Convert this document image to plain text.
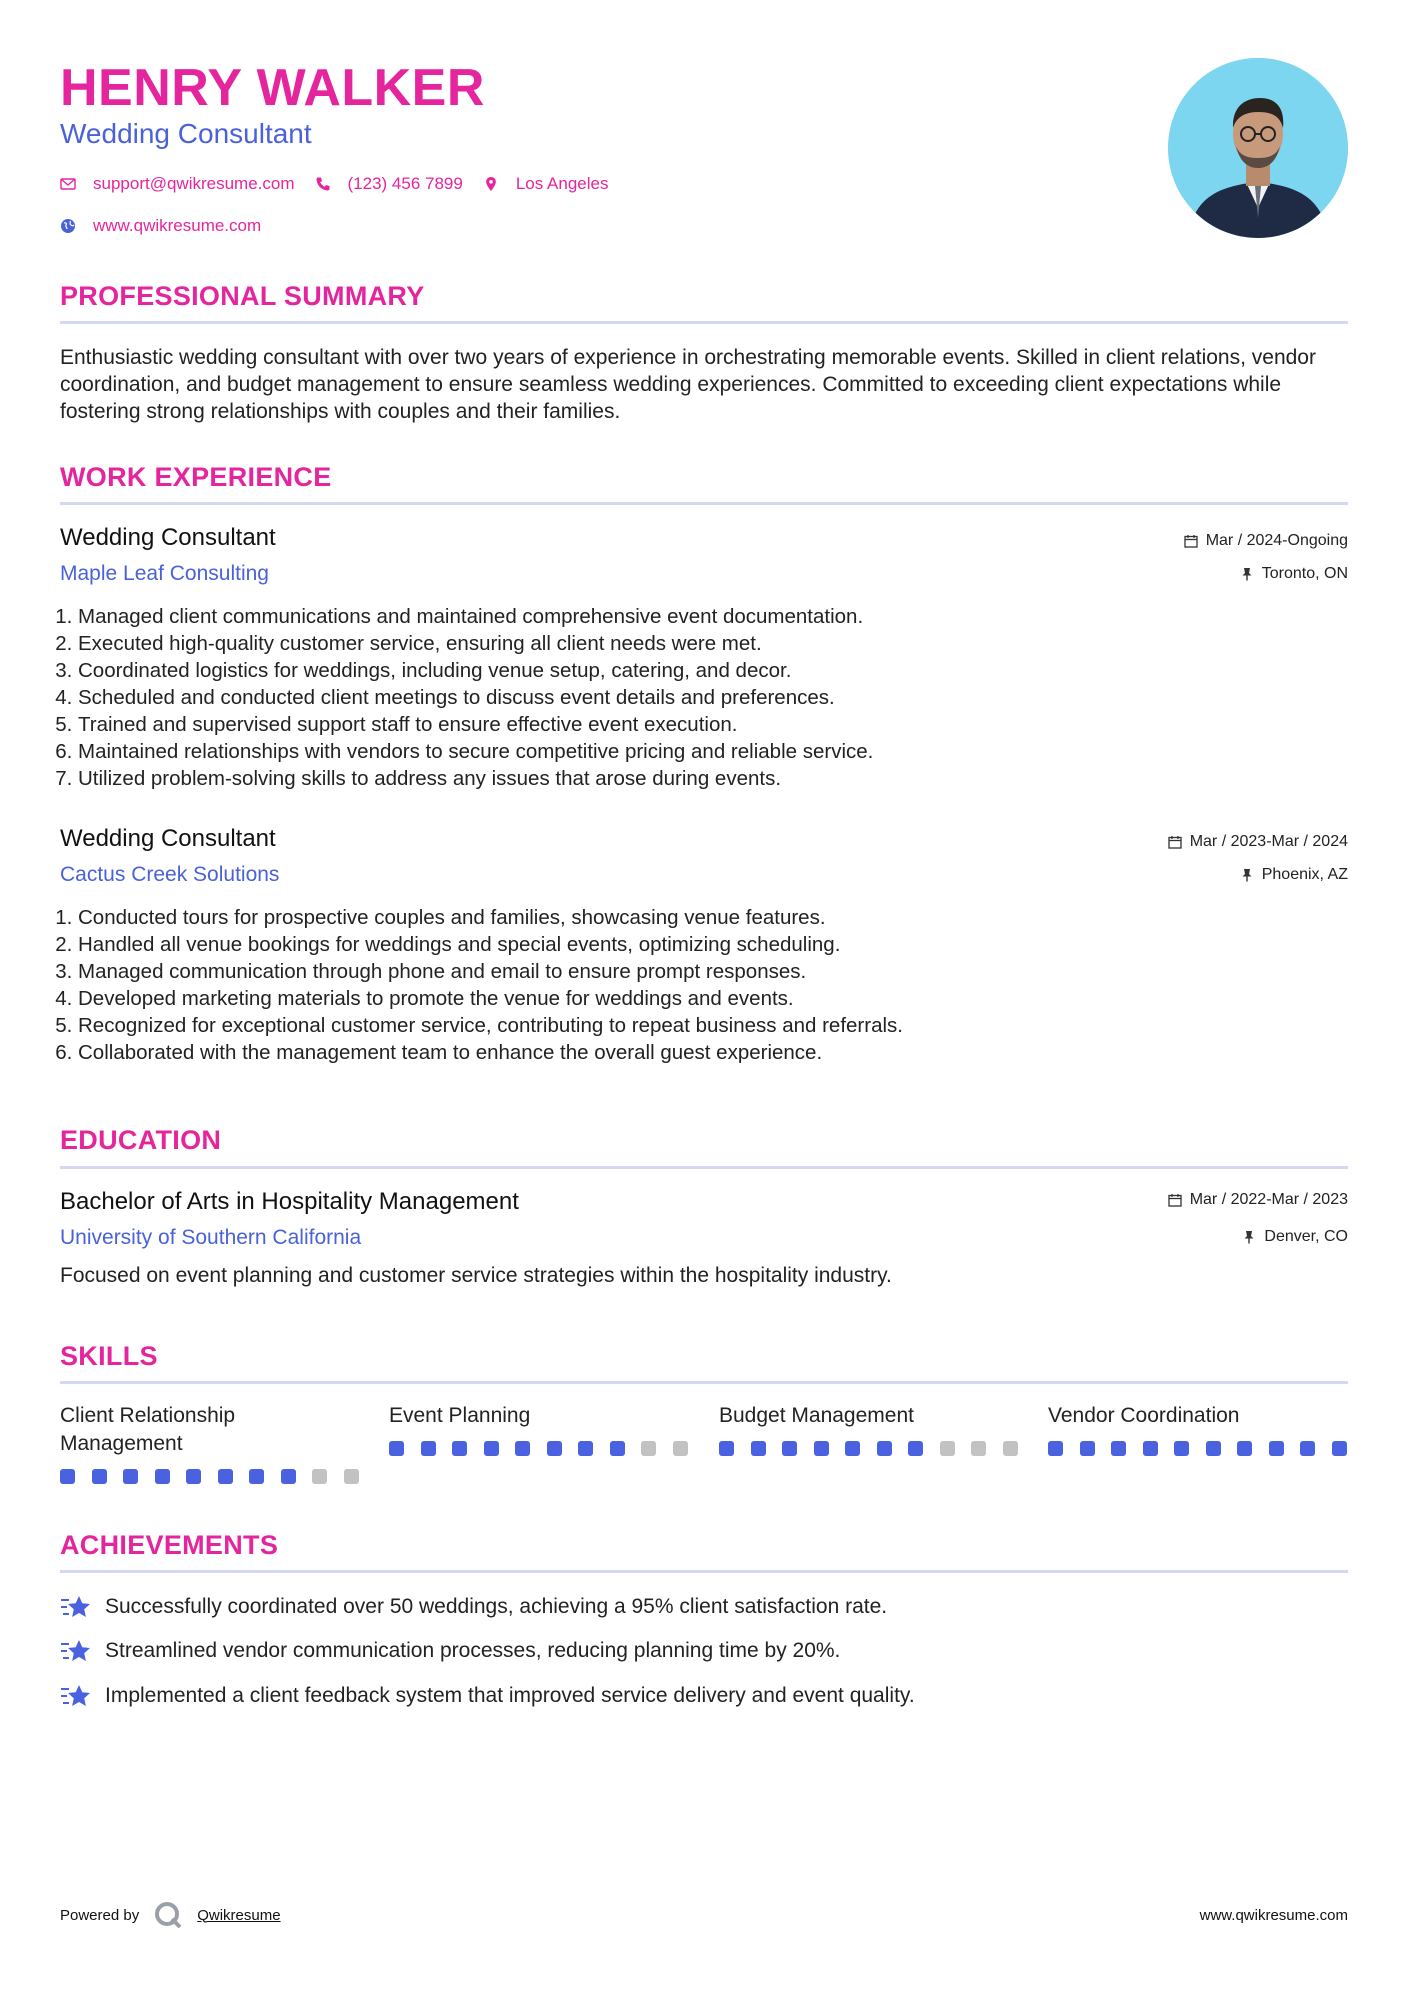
HENRY WALKER
Wedding Consultant
support@qwikresume.com	(123) 456 7899	Los Angeles
www.qwikresume.com
PROFESSIONAL SUMMARY
Enthusiastic wedding consultant with over two years of experience in orchestrating memorable events. Skilled in client relations, vendor coordination, and budget management to ensure seamless wedding experiences. Committed to exceeding client expectations while fostering strong relationships with couples and their families.
WORK EXPERIENCE
Wedding Consultant
Maple Leaf Consulting
Mar / 2024-Ongoing
Toronto, ON
1. Managed client communications and maintained comprehensive event documentation.
2. Executed high-quality customer service, ensuring all client needs were met.
3. Coordinated logistics for weddings, including venue setup, catering, and decor.
4. Scheduled and conducted client meetings to discuss event details and preferences.
5. Trained and supervised support staff to ensure effective event execution.
6. Maintained relationships with vendors to secure competitive pricing and reliable service.
7. Utilized problem-solving skills to address any issues that arose during events.
Wedding Consultant
Cactus Creek Solutions
Mar / 2023-Mar / 2024
Phoenix, AZ
1. Conducted tours for prospective couples and families, showcasing venue features.
2. Handled all venue bookings for weddings and special events, optimizing scheduling.
3. Managed communication through phone and email to ensure prompt responses.
4. Developed marketing materials to promote the venue for weddings and events.
5. Recognized for exceptional customer service, contributing to repeat business and referrals.
6. Collaborated with the management team to enhance the overall guest experience.
EDUCATION
Bachelor of Arts in Hospitality Management
University of Southern California
Mar / 2022-Mar / 2023
Denver, CO
Focused on event planning and customer service strategies within the hospitality industry.
SKILLS
Client Relationship Management
Event Planning	Budget Management	Vendor Coordination
ACHIEVEMENTS
Successfully coordinated over 50 weddings, achieving a 95% client satisfaction rate.
Streamlined vendor communication processes, reducing planning time by 20%.
Implemented a client feedback system that improved service delivery and event quality.
Powered by	Qwikresume	www.qwikresume.com
